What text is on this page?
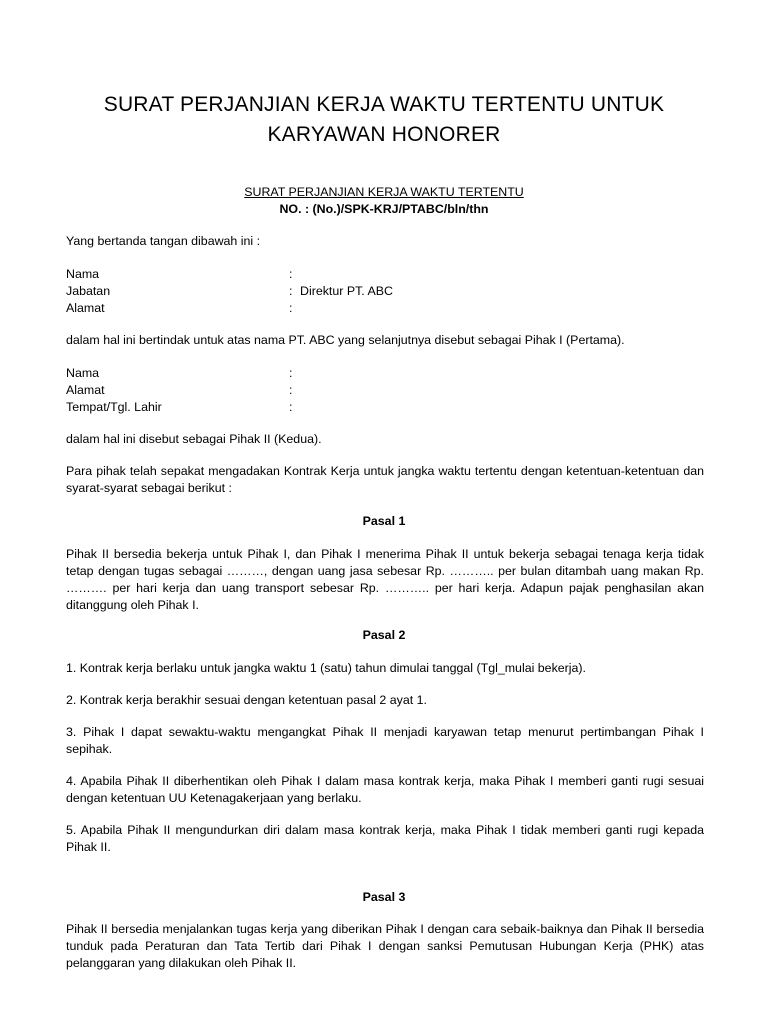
SURAT PERJANJIAN KERJA WAKTU TERTENTU UNTUK
KARYAWAN HONORER
SURAT PERJANJIAN KERJA WAKTU TERTENTU
NO. : (No.)/SPK-KRJ/PTABC/bln/thn
Yang bertanda tangan dibawah ini :
Nama	:
Jabatan	: Direktur PT. ABC
Alamat	:
dalam hal ini bertindak untuk atas nama PT. ABC yang selanjutnya disebut sebagai Pihak I (Pertama).
Nama	:
Alamat	:
Tempat/Tgl. Lahir	:
dalam hal ini disebut sebagai Pihak II (Kedua).
Para pihak telah sepakat mengadakan Kontrak Kerja untuk jangka waktu tertentu dengan ketentuan-ketentuan dan syarat-syarat sebagai berikut :
Pasal 1
Pihak II bersedia bekerja untuk Pihak I, dan Pihak I menerima Pihak II untuk bekerja sebagai tenaga kerja tidak tetap dengan tugas sebagai ………, dengan uang jasa sebesar Rp. ……….. per bulan ditambah uang makan Rp. ………. per hari kerja dan uang transport sebesar Rp. ……….. per hari kerja. Adapun pajak penghasilan akan ditanggung oleh Pihak I.
Pasal 2
1. Kontrak kerja berlaku untuk jangka waktu 1 (satu) tahun dimulai tanggal (Tgl_mulai bekerja).
2. Kontrak kerja berakhir sesuai dengan ketentuan pasal 2 ayat 1.
3. Pihak I dapat sewaktu-waktu mengangkat Pihak II menjadi karyawan tetap menurut pertimbangan Pihak I sepihak.
4. Apabila Pihak II diberhentikan oleh Pihak I dalam masa kontrak kerja, maka Pihak I memberi ganti rugi sesuai dengan ketentuan UU Ketenagakerjaan yang berlaku.
5. Apabila Pihak II mengundurkan diri dalam masa kontrak kerja, maka Pihak I tidak memberi ganti rugi kepada Pihak II.
Pasal 3
Pihak II bersedia menjalankan tugas kerja yang diberikan Pihak I dengan cara sebaik-baiknya dan Pihak II bersedia tunduk pada Peraturan dan Tata Tertib dari Pihak I dengan sanksi Pemutusan Hubungan Kerja (PHK) atas pelanggaran yang dilakukan oleh Pihak II.
